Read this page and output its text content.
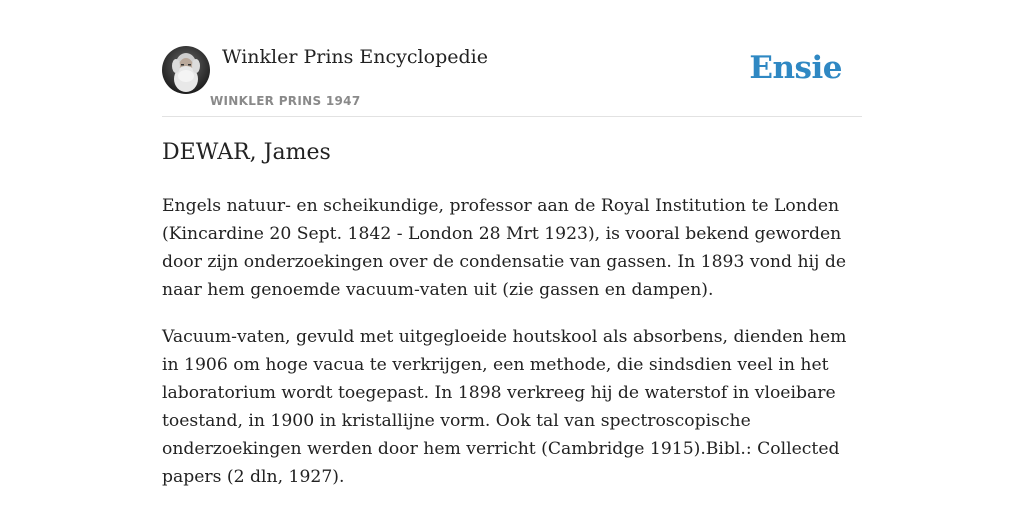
Winkler Prins Encyclopedie
WINKLER PRINS 1947
Ensie
DEWAR, James

Engels natuur- en scheikundige, professor aan de Royal Institution te Londen (Kincardine 20 Sept. 1842 - London 28 Mrt 1923), is vooral bekend geworden door zijn onderzoekingen over de condensatie van gassen. In 1893 vond hij de naar hem genoemde vacuum-vaten uit (zie gassen en dampen).

Vacuum-vaten, gevuld met uitgegloeide houtskool als absorbens, dienden hem in 1906 om hoge vacua te verkrijgen, een methode, die sindsdien veel in het laboratorium wordt toegepast. In 1898 verkreeg hij de waterstof in vloeibare toestand, in 1900 in kristallijne vorm. Ook tal van spectroscopische onderzoekingen werden door hem verricht (Cambridge 1915).Bibl.: Collected papers (2 dln, 1927).
